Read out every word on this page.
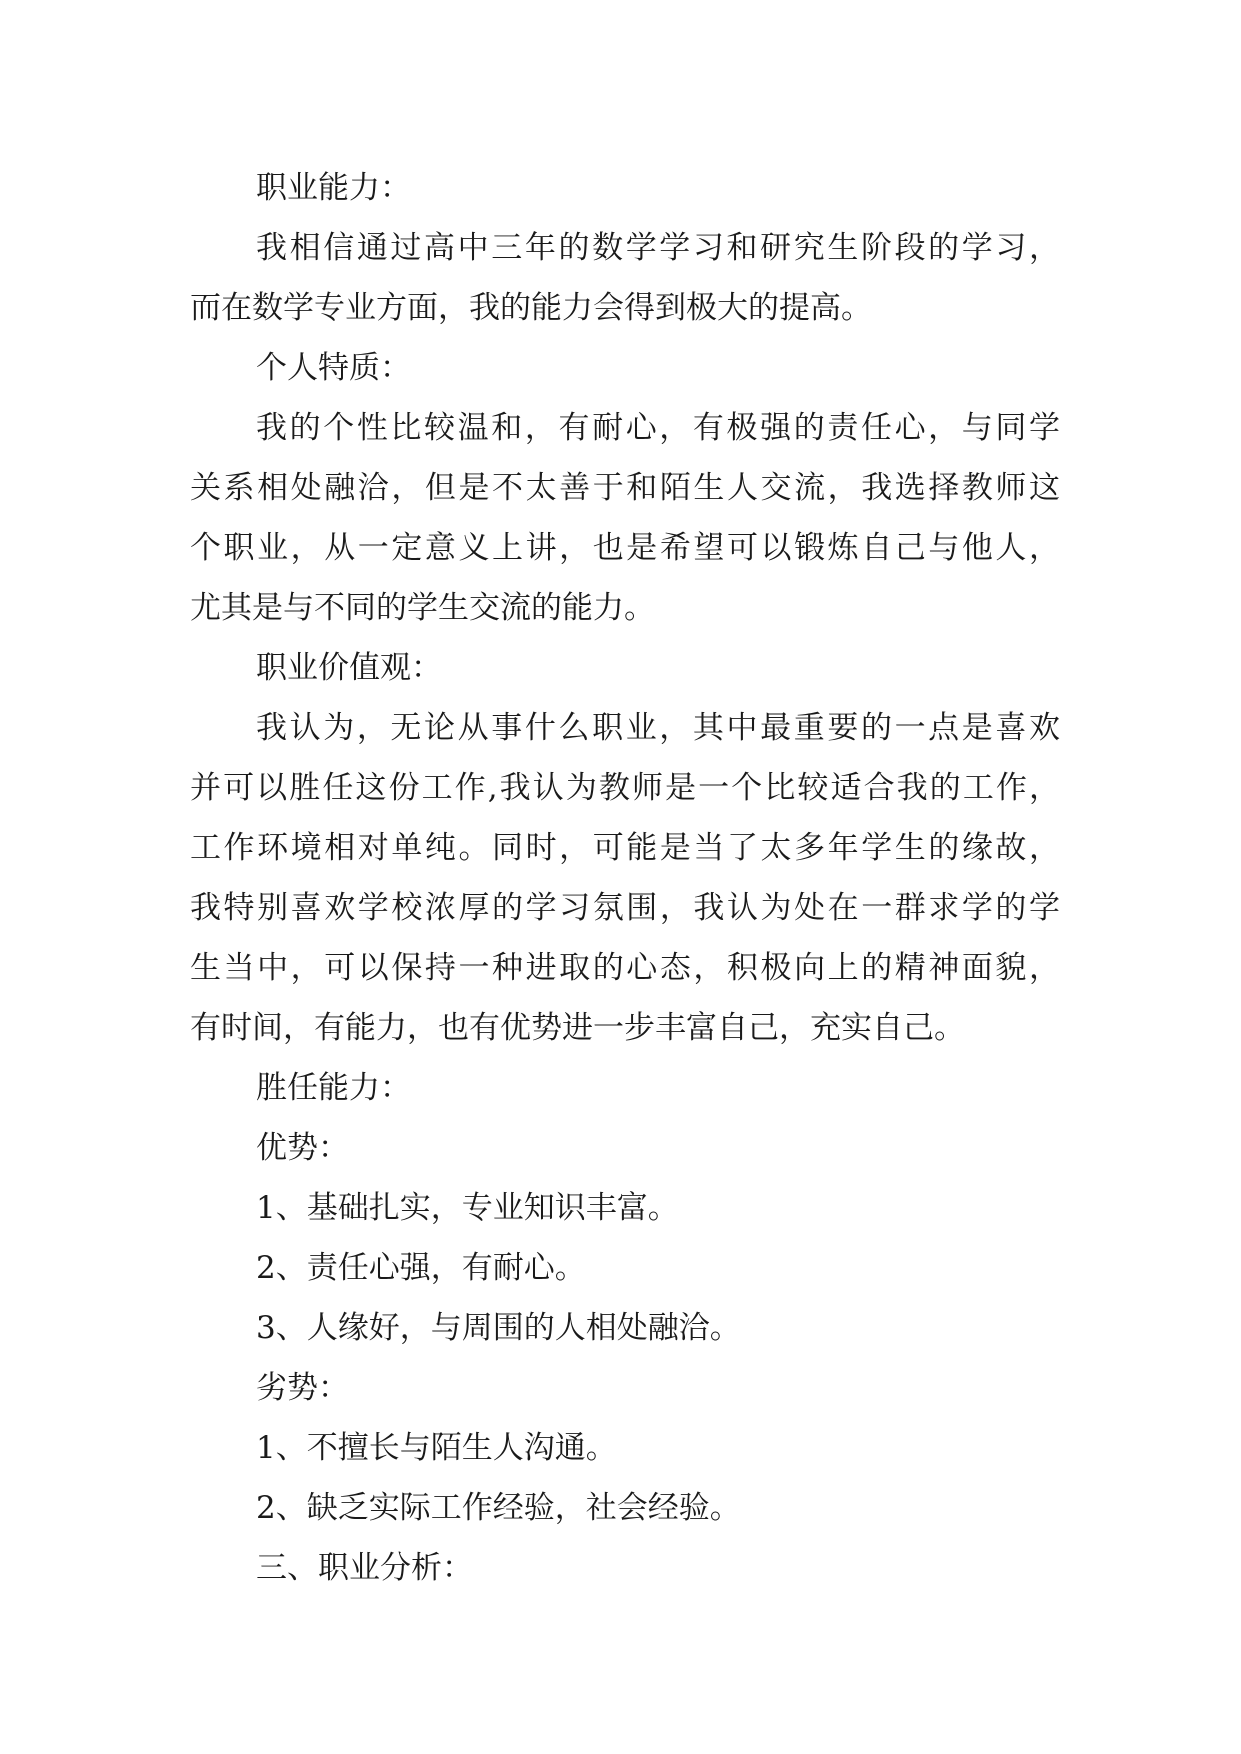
职业能力：
我相信通过高中三年的数学学习和研究生阶段的学习，
而在数学专业方面，我的能力会得到极大的提高。
个人特质：
我的个性比较温和，有耐心，有极强的责任心，与同学
关系相处融洽，但是不太善于和陌生人交流，我选择教师这
个职业，从一定意义上讲，也是希望可以锻炼自己与他人，
尤其是与不同的学生交流的能力。
职业价值观：
我认为，无论从事什么职业，其中最重要的一点是喜欢
并可以胜任这份工作,我认为教师是一个比较适合我的工作，
工作环境相对单纯。同时，可能是当了太多年学生的缘故，
我特别喜欢学校浓厚的学习氛围，我认为处在一群求学的学
生当中，可以保持一种进取的心态，积极向上的精神面貌，
有时间，有能力，也有优势进一步丰富自己，充实自己。
胜任能力：
优势：
1、基础扎实，专业知识丰富。
2、责任心强，有耐心。
3、人缘好，与周围的人相处融洽。
劣势：
1、不擅长与陌生人沟通。
2、缺乏实际工作经验，社会经验。
三、职业分析：
